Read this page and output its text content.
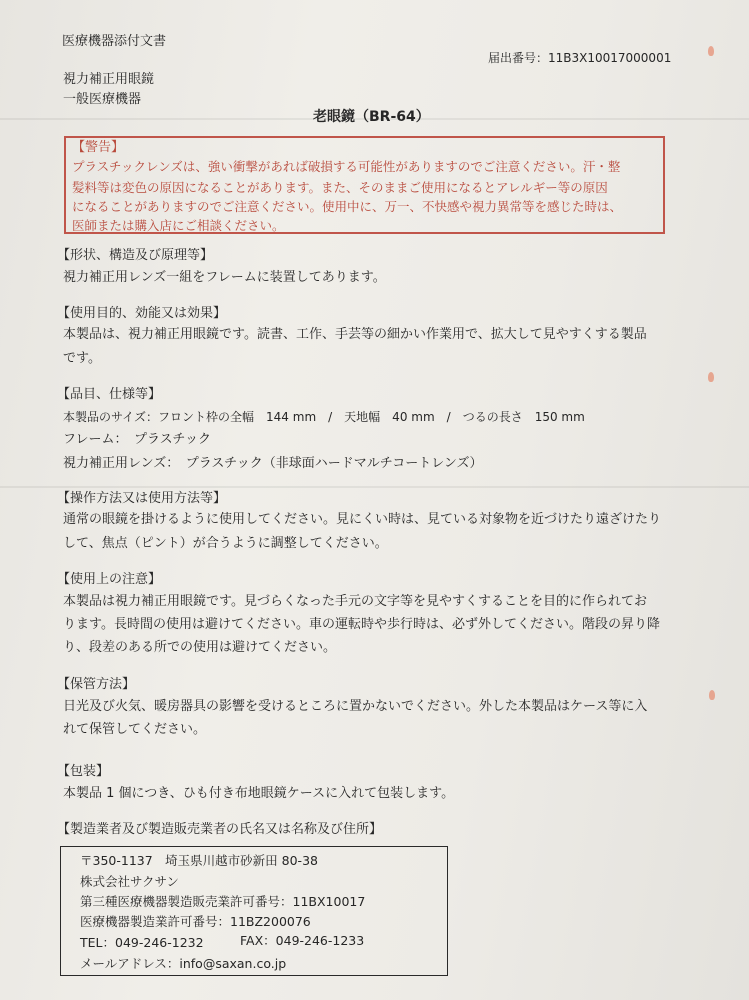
医療機器添付文書
届出番号：11B3X10017000001
視力補正用眼鏡
一般医療機器
老眼鏡（BR-64）
【警告】
プラスチックレンズは、強い衝撃があれば破損する可能性がありますのでご注意ください。汗・整
髪料等は変色の原因になることがあります。また、そのままご使用になるとアレルギー等の原因
になることがありますのでご注意ください。使用中に、万一、不快感や視力異常等を感じた時は、
医師または購入店にご相談ください。
【形状、構造及び原理等】
視力補正用レンズ一組をフレームに装置してあります。
【使用目的、効能又は効果】
本製品は、視力補正用眼鏡です。読書、工作、手芸等の細かい作業用で、拡大して見やすくする製品
です。
【品目、仕様等】
本製品のサイズ：フロント枠の全幅　144 mm　/　天地幅　40 mm　/　つるの長さ　150 mm
フレーム：　プラスチック
視力補正用レンズ：　プラスチック（非球面ハードマルチコートレンズ）
【操作方法又は使用方法等】
通常の眼鏡を掛けるように使用してください。見にくい時は、見ている対象物を近づけたり遠ざけたり
して、焦点（ピント）が合うように調整してください。
【使用上の注意】
本製品は視力補正用眼鏡です。見づらくなった手元の文字等を見やすくすることを目的に作られてお
ります。長時間の使用は避けてください。車の運転時や歩行時は、必ず外してください。階段の昇り降
り、段差のある所での使用は避けてください。
【保管方法】
日光及び火気、暖房器具の影響を受けるところに置かないでください。外した本製品はケース等に入
れて保管してください。
【包装】
本製品 1 個につき、ひも付き布地眼鏡ケースに入れて包装します。
【製造業者及び製造販売業者の氏名又は名称及び住所】
〒350-1137　埼玉県川越市砂新田 80-38
株式会社サクサン
第三種医療機器製造販売業許可番号：11BX10017
医療機器製造業許可番号：11BZ200076
TEL：049-246-1232	FAX：049-246-1233
メールアドレス：info@saxan.co.jp
